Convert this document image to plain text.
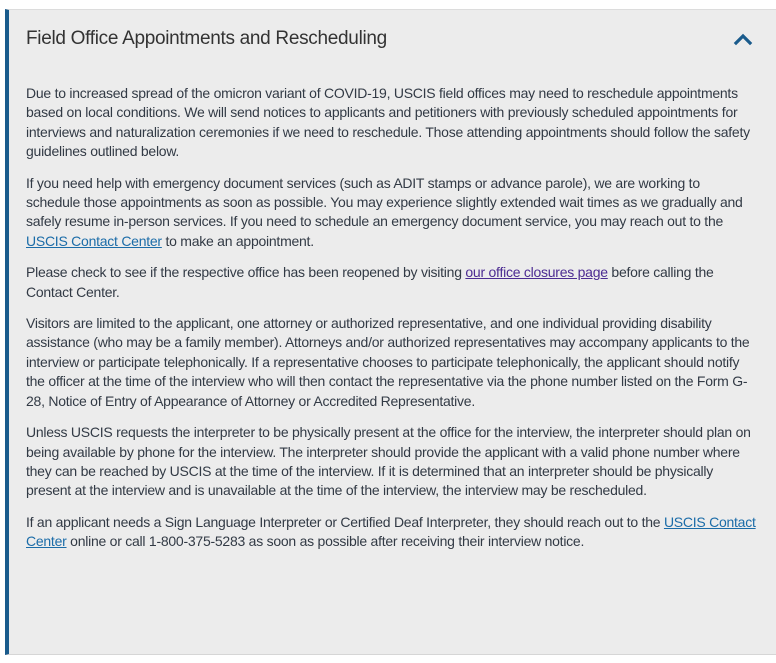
Field Office Appointments and Rescheduling

Due to increased spread of the omicron variant of COVID-19, USCIS field offices may need to reschedule appointments based on local conditions. We will send notices to applicants and petitioners with previously scheduled appointments for interviews and naturalization ceremonies if we need to reschedule. Those attending appointments should follow the safety guidelines outlined below.

If you need help with emergency document services (such as ADIT stamps or advance parole), we are working to schedule those appointments as soon as possible. You may experience slightly extended wait times as we gradually and safely resume in-person services. If you need to schedule an emergency document service, you may reach out to the USCIS Contact Center to make an appointment.

Please check to see if the respective office has been reopened by visiting our office closures page before calling the Contact Center.

Visitors are limited to the applicant, one attorney or authorized representative, and one individual providing disability assistance (who may be a family member). Attorneys and/or authorized representatives may accompany applicants to the interview or participate telephonically. If a representative chooses to participate telephonically, the applicant should notify the officer at the time of the interview who will then contact the representative via the phone number listed on the Form G-28, Notice of Entry of Appearance of Attorney or Accredited Representative.

Unless USCIS requests the interpreter to be physically present at the office for the interview, the interpreter should plan on being available by phone for the interview. The interpreter should provide the applicant with a valid phone number where they can be reached by USCIS at the time of the interview. If it is determined that an interpreter should be physically present at the interview and is unavailable at the time of the interview, the interview may be rescheduled.

If an applicant needs a Sign Language Interpreter or Certified Deaf Interpreter, they should reach out to the USCIS Contact Center online or call 1-800-375-5283 as soon as possible after receiving their interview notice.
